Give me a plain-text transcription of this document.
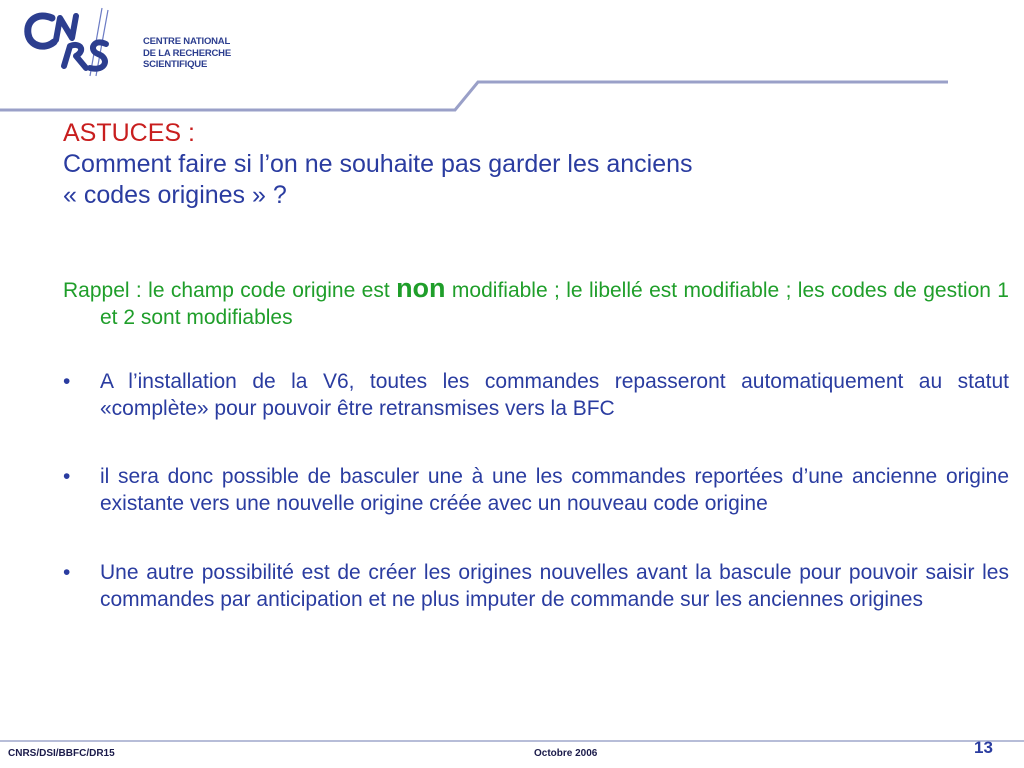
CENTRE NATIONAL
DE LA RECHERCHE
SCIENTIFIQUE
ASTUCES :
Comment faire si l’on ne souhaite pas garder les anciens
« codes origines » ?

Rappel : le champ code origine est non modifiable ; le libellé est modifiable ; les codes de gestion 1 et 2 sont modifiables

• A l’installation de la V6, toutes les commandes repasseront automatiquement au statut «complète» pour pouvoir être retransmises vers la BFC

• il sera donc possible de basculer une à une les commandes reportées d’une ancienne origine existante vers une nouvelle origine créée avec un nouveau code origine

• Une autre possibilité est de créer les origines nouvelles avant la bascule pour pouvoir saisir les commandes par anticipation et ne plus imputer de commande sur les anciennes origines

CNRS/DSI/BBFC/DR15	Octobre 2006	13
